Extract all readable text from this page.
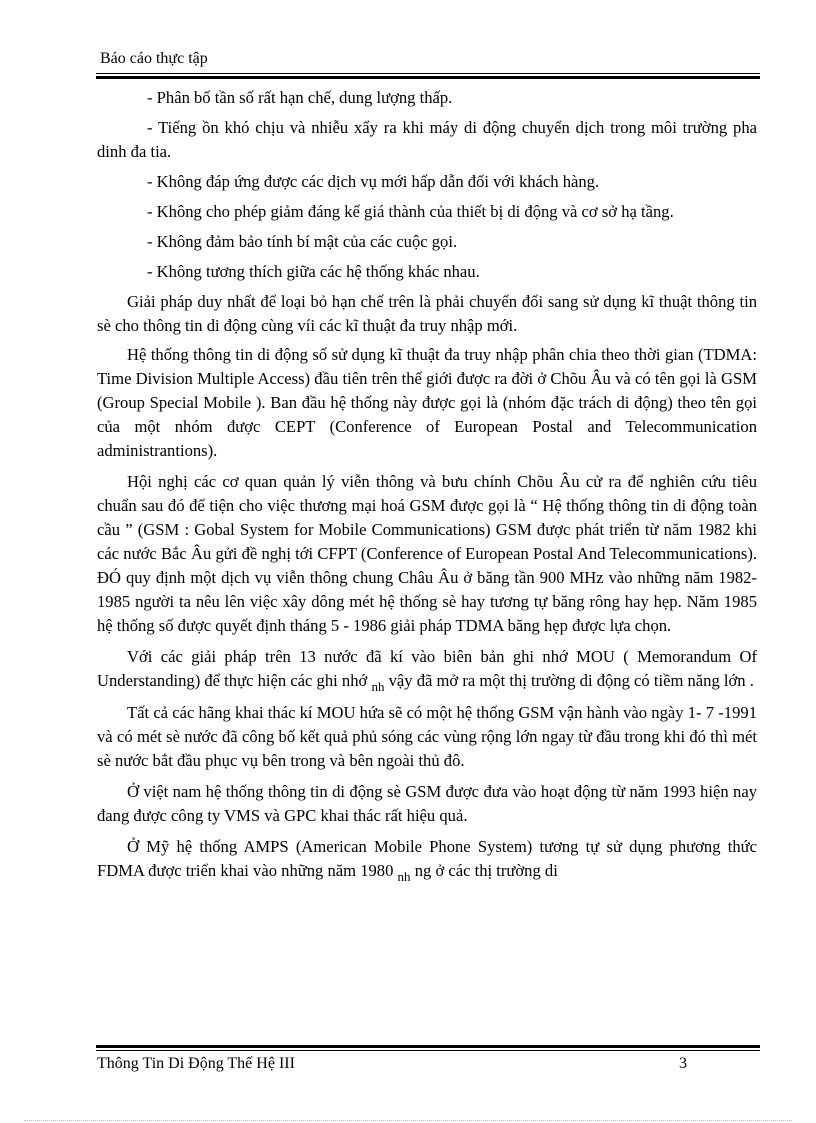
Báo cáo thực tập

- Phân bố tần số rất hạn chế, dung lượng thấp.

- Tiếng ồn khó chịu và nhiễu xẩy ra khi máy di động chuyển dịch trong môi trường pha dinh đa tia.

- Không đáp ứng được các dịch vụ mới hấp dẫn đối với khách hàng.

- Không cho phép giảm đáng kể giá thành của thiết bị di động và cơ sở hạ tầng.

- Không đảm bảo tính bí mật của các cuộc gọi.

- Không tương thích giữa các hệ thống khác nhau.

Giải pháp duy nhất để loại bỏ hạn chế trên là phải chuyển đổi sang sử dụng kĩ thuật thông tin sè cho thông tin di động cùng víi các kĩ thuật đa truy nhập mới.

Hệ thống thông tin di động số sử dụng kĩ thuật đa truy nhập phân chia theo thời gian (TDMA: Time Division Multiple Access) đầu tiên trên thế giới được ra đời ở Chõu Âu và có tên gọi là GSM (Group Special Mobile ). Ban đầu hệ thống này được gọi là (nhóm đặc trách di động) theo tên gọi của một nhóm được CEPT (Conference of European Postal and Telecommunication administrantions).

Hội nghị các cơ quan quản lý viễn thông và bưu chính Chõu Âu cử ra để nghiên cứu tiêu chuẩn sau đó để tiện cho việc thương mại hoá GSM được gọi là “ Hệ thống thông tin di động toàn cầu ” (GSM : Gobal System for Mobile Communications) GSM được phát triển từ năm 1982 khi các nước Bắc Âu gửi đề nghị tới CFPT (Conference of European Postal And Telecommunications). ĐÓ quy định một dịch vụ viễn thông chung Châu Âu ở băng tần 900 MHz vào những năm 1982- 1985 người ta nêu lên việc xây dông mét hệ thống sè hay tương tự băng rông hay hẹp. Năm 1985 hệ thống số được quyết định tháng 5 - 1986 giải pháp TDMA băng hẹp được lựa chọn.

Với các giải pháp trên 13 nước đã kí vào biên bản ghi nhớ MOU ( Memorandum Of Understanding) để thực hiện các ghi nhớ $_{nh}$ vậy đã mở ra một thị trường di động có tiềm năng lớn .

Tất cả các hãng khai thác kí MOU hứa sẽ có một hệ thống GSM vận hành vào ngày 1- 7 -1991 và có mét sè nước đã công bố kết quả phủ sóng các vùng rộng lớn ngay từ đầu trong khi đó thì mét sè nước bắt đầu phục vụ bên trong và bên ngoài thủ đô.

Ở việt nam hệ thống thông tin di động sè GSM được đưa vào hoạt động từ năm 1993 hiện nay đang được công ty VMS và GPC khai thác rất hiệu quả.

Ở Mỹ hệ thống AMPS (American Mobile Phone System) tương tự sử dụng phương thức FDMA được triển khai vào những năm 1980 $_{nh}$ ng ở các thị trường di

Thông Tin Di Động Thế Hệ III	3
